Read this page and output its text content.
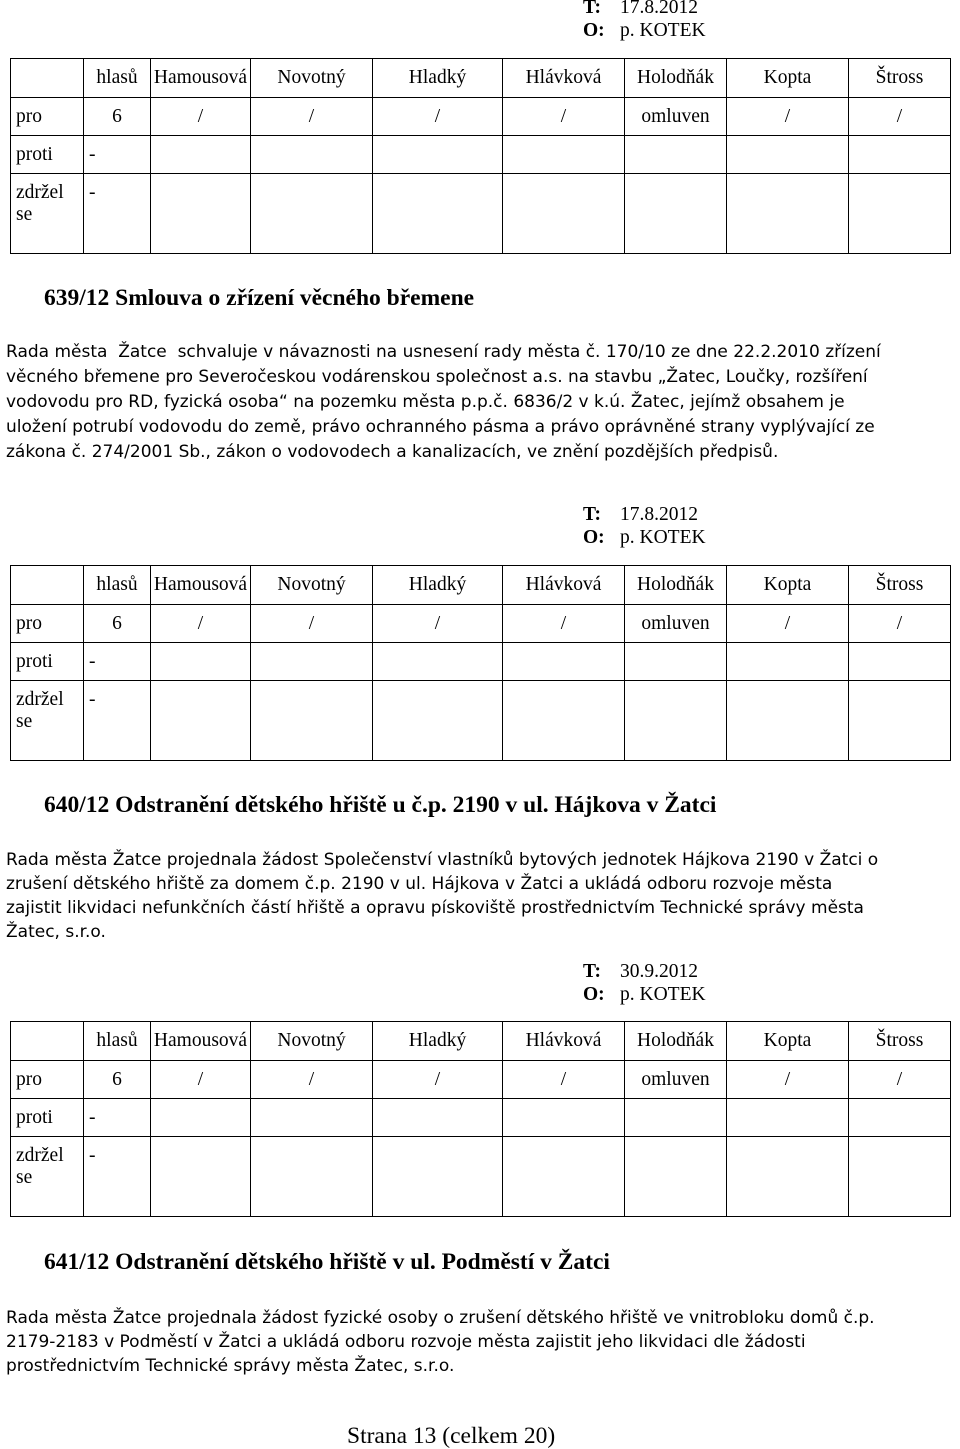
T: 17.8.2012
O: p. KOTEK
	hlasů	Hamousová	Novotný	Hladký	Hlávková	Holodňák	Kopta	Štross
pro	6	/	/	/	/	omluven	/	/
proti	-							
zdržel se	-							
639/12 Smlouva o zřízení věcného břemene
Rada města  Žatce  schvaluje v návaznosti na usnesení rady města č. 170/10 ze dne 22.2.2010 zřízení
věcného břemene pro Severočeskou vodárenskou společnost a.s. na stavbu „Žatec, Loučky, rozšíření
vodovodu pro RD, fyzická osoba“ na pozemku města p.p.č. 6836/2 v k.ú. Žatec, jejímž obsahem je
uložení potrubí vodovodu do země, právo ochranného pásma a právo oprávněné strany vyplývající ze
zákona č. 274/2001 Sb., zákon o vodovodech a kanalizacích, ve znění pozdějších předpisů.
T: 17.8.2012
O: p. KOTEK
	hlasů	Hamousová	Novotný	Hladký	Hlávková	Holodňák	Kopta	Štross
pro	6	/	/	/	/	omluven	/	/
proti	-							
zdržel se	-							
640/12 Odstranění dětského hřiště u č.p. 2190 v ul. Hájkova v Žatci
Rada města Žatce projednala žádost Společenství vlastníků bytových jednotek Hájkova 2190 v Žatci o
zrušení dětského hřiště za domem č.p. 2190 v ul. Hájkova v Žatci a ukládá odboru rozvoje města
zajistit likvidaci nefunkčních částí hřiště a opravu pískoviště prostřednictvím Technické správy města
Žatec, s.r.o.
T: 30.9.2012
O: p. KOTEK
	hlasů	Hamousová	Novotný	Hladký	Hlávková	Holodňák	Kopta	Štross
pro	6	/	/	/	/	omluven	/	/
proti	-							
zdržel se	-							
641/12 Odstranění dětského hřiště v ul. Podměstí v Žatci
Rada města Žatce projednala žádost fyzické osoby o zrušení dětského hřiště ve vnitrobloku domů č.p.
2179-2183 v Podměstí v Žatci a ukládá odboru rozvoje města zajistit jeho likvidaci dle žádosti
prostřednictvím Technické správy města Žatec, s.r.o.
Strana 13 (celkem 20)
